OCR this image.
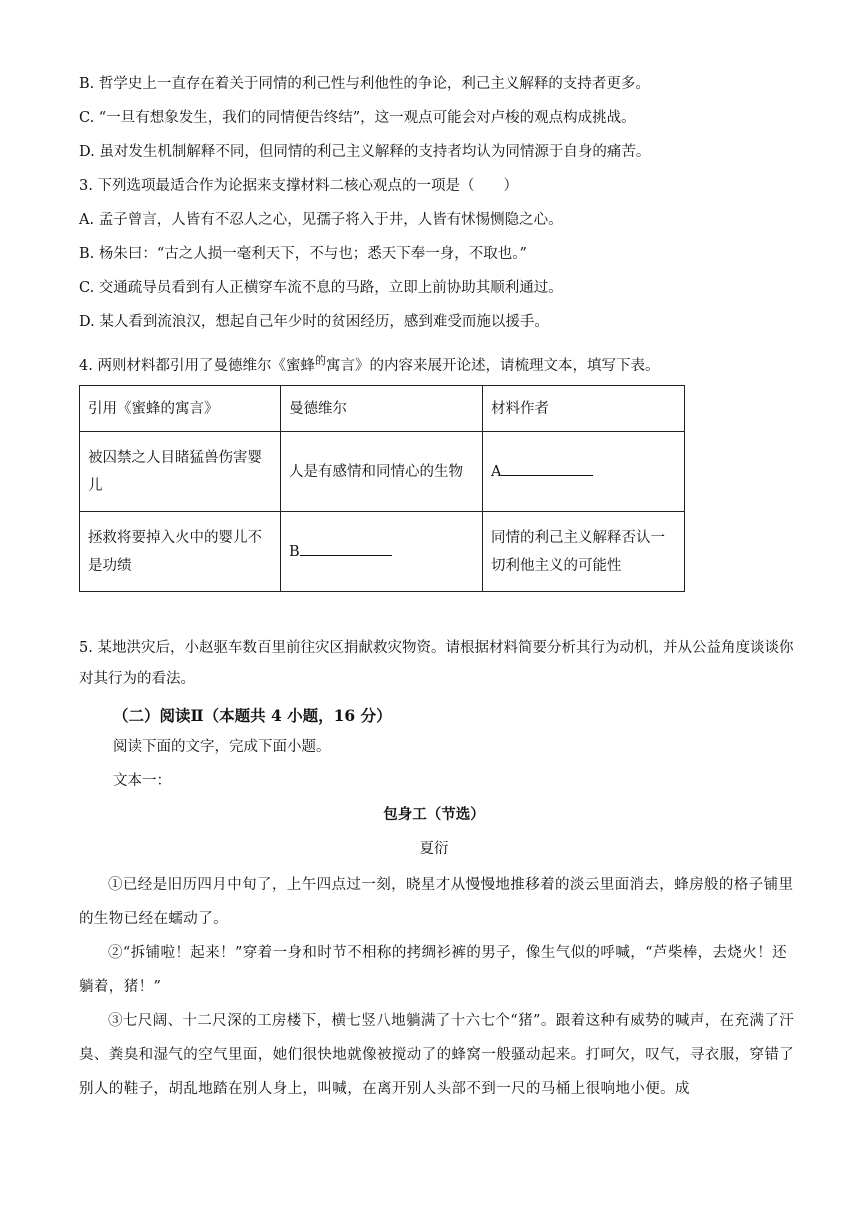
B. 哲学史上一直存在着关于同情的利己性与利他性的争论，利己主义解释的支持者更多。
C. “一旦有想象发生，我们的同情便告终结”，这一观点可能会对卢梭的观点构成挑战。
D. 虽对发生机制解释不同，但同情的利己主义解释的支持者均认为同情源于自身的痛苦。
3. 下列选项最适合作为论据来支撑材料二核心观点的一项是（　　）
A. 孟子曾言，人皆有不忍人之心，见孺子将入于井，人皆有怵惕恻隐之心。
B. 杨朱曰：“古之人损一毫利天下，不与也；悉天下奉一身，不取也。”
C. 交通疏导员看到有人正横穿车流不息的马路，立即上前协助其顺利通过。
D. 某人看到流浪汉，想起自己年少时的贫困经历，感到难受而施以援手。
4. 两则材料都引用了曼德维尔《蜜蜂$^的$寓言》的内容来展开论述，请梳理文本，填写下表。
引用《蜜蜂的寓言》	曼德维尔	材料作者
被囚禁之人目睹猛兽伤害婴儿	人是有感情和同情心的生物	A
拯救将要掉入火中的婴儿不是功绩	B	同情的利己主义解释否认一切利他主义的可能性
5. 某地洪灾后，小赵驱车数百里前往灾区捐献救灾物资。请根据材料简要分析其行为动机，并从公益角度谈谈你对其行为的看法。
（二）阅读Ⅱ（本题共 4 小题，16 分）
阅读下面的文字，完成下面小题。
文本一：
包身工（节选）
夏衍
①已经是旧历四月中旬了，上午四点过一刻，晓星才从慢慢地推移着的淡云里面消去，蜂房般的格子铺里的生物已经在蠕动了。
②“拆铺啦！起来！”穿着一身和时节不相称的拷绸衫裤的男子，像生气似的呼喊，“芦柴棒，去烧火！还躺着，猪！”
③七尺阔、十二尺深的工房楼下，横七竖八地躺满了十六七个“猪”。跟着这种有威势的喊声，在充满了汗臭、粪臭和湿气的空气里面，她们很快地就像被搅动了的蜂窝一般骚动起来。打呵欠，叹气，寻衣服，穿错了别人的鞋子，胡乱地踏在别人身上，叫喊，在离开别人头部不到一尺的马桶上很响地小便。成
